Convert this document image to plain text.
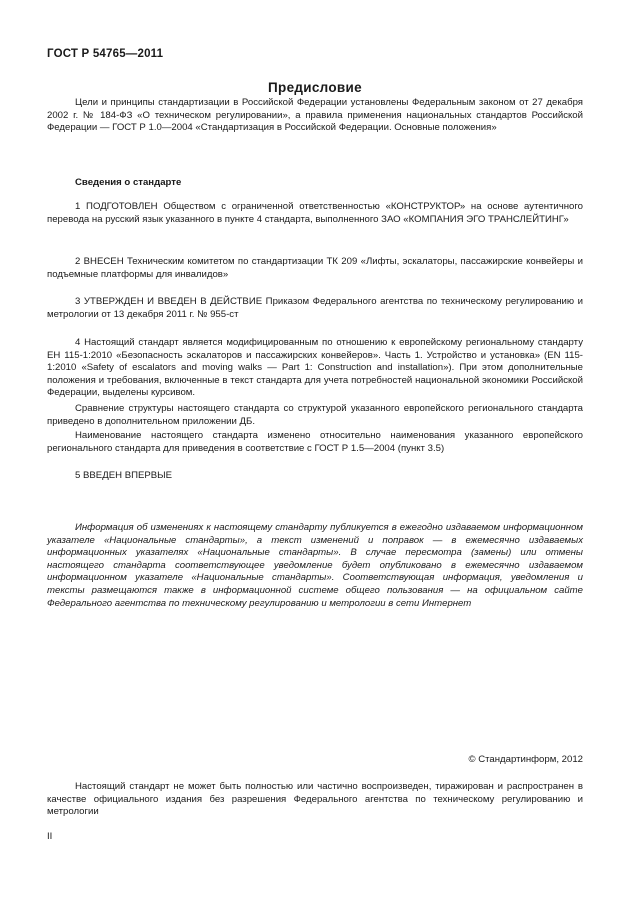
ГОСТ Р 54765—2011
Предисловие

Цели и принципы стандартизации в Российской Федерации установлены Федеральным законом от 27 декабря 2002 г. № 184-ФЗ «О техническом регулировании», а правила применения национальных стандартов Российской Федерации — ГОСТ Р 1.0—2004 «Стандартизация в Российской Федерации. Основные положения»

Сведения о стандарте

1 ПОДГОТОВЛЕН Обществом с ограниченной ответственностью «КОНСТРУКТОР» на основе аутентичного перевода на русский язык указанного в пункте 4 стандарта, выполненного ЗАО «КОМПАНИЯ ЭГО ТРАНСЛЕЙТИНГ»

2 ВНЕСЕН Техническим комитетом по стандартизации ТК 209 «Лифты, эскалаторы, пассажирские конвейеры и подъемные платформы для инвалидов»

3 УТВЕРЖДЕН И ВВЕДЕН В ДЕЙСТВИЕ Приказом Федерального агентства по техническому регулированию и метрологии от 13 декабря 2011 г. № 955-ст

4 Настоящий стандарт является модифицированным по отношению к европейскому региональному стандарту ЕН 115-1:2010 «Безопасность эскалаторов и пассажирских конвейеров». Часть 1. Устройство и установка» (EN 115-1:2010 «Safety of escalators and moving walks — Part 1: Construction and installation»). При этом дополнительные положения и требования, включенные в текст стандарта для учета потребностей национальной экономики Российской Федерации, выделены курсивом.

Сравнение структуры настоящего стандарта со структурой указанного европейского регионального стандарта приведено в дополнительном приложении ДБ.

Наименование настоящего стандарта изменено относительно наименования указанного европейского регионального стандарта для приведения в соответствие с ГОСТ Р 1.5—2004 (пункт 3.5)

5 ВВЕДЕН ВПЕРВЫЕ

Информация об изменениях к настоящему стандарту публикуется в ежегодно издаваемом информационном указателе «Национальные стандарты», а текст изменений и поправок — в ежемесячно издаваемых информационных указателях «Национальные стандарты». В случае пересмотра (замены) или отмены настоящего стандарта соответствующее уведомление будет опубликовано в ежемесячно издаваемом информационном указателе «Национальные стандарты». Соответствующая информация, уведомления и тексты размещаются также в информационной системе общего пользования — на официальном сайте Федерального агентства по техническому регулированию и метрологии в сети Интернет

© Стандартинформ, 2012

Настоящий стандарт не может быть полностью или частично воспроизведен, тиражирован и распространен в качестве официального издания без разрешения Федерального агентства по техническому регулированию и метрологии

II
